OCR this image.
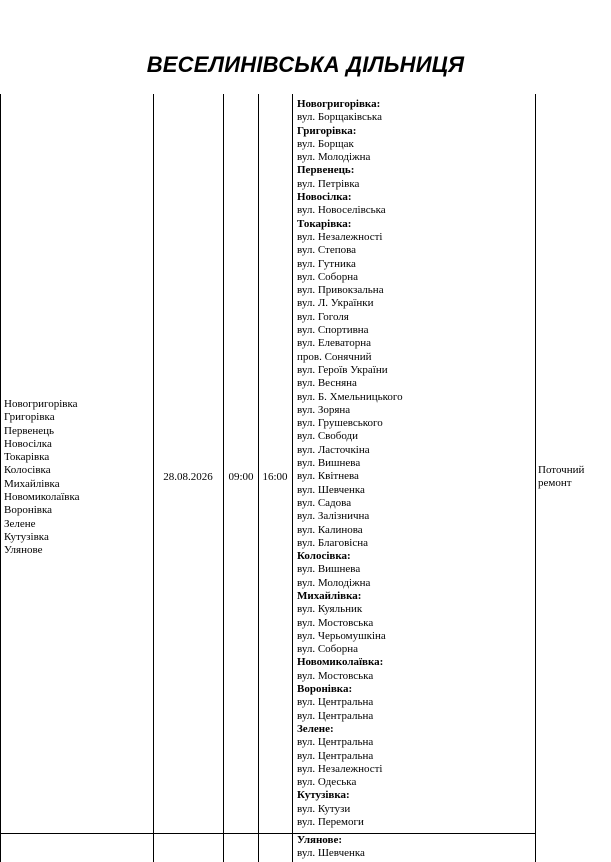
ВЕСЕЛИНІВСЬКА ДІЛЬНИЦЯ
Новогригорівка
Григорівка
Первенець
Новосілка
Токарівка
Колосівка
Михайлівка
Новомиколаївка
Воронівка
Зелене
Кутузівка
Улянове
28.08.2026	09:00 16:00
Поточний ремонт
Новогригорівка:
вул. Борщаківська
Григорівка:
вул. Борщак
вул. Молодіжна
Первенець:
вул. Петрівка
Новосілка:
вул. Новоселівська
Токарівка:
вул. Незалежності
вул. Степова
вул. Гутника
вул. Соборна
вул. Привокзальна
вул. Л. Українки
вул. Гоголя
вул. Спортивна
вул. Елеваторна
пров. Сонячний
вул. Героїв України
вул. Весняна
вул. Б. Хмельницького
вул. Зоряна
вул. Грушевського
вул. Свободи
вул. Ласточкіна
вул. Вишнева
вул. Квітнева
вул. Шевченка
вул. Садова
вул. Залізнична
вул. Калинова
вул. Благовісна
Колосівка:
вул. Вишнева
вул. Молодіжна
Михайлівка:
вул. Куяльник
вул. Мостовська
вул. Черьомушкіна
вул. Соборна
Новомиколаївка:
вул. Мостовська
Воронівка:
вул. Центральна
вул. Центральна
Зелене:
вул. Центральна
вул. Центральна
вул. Незалежності
вул. Одеська
Кутузівка:
вул. Кутузи
вул. Перемоги
Улянове:
вул. Шевченка
